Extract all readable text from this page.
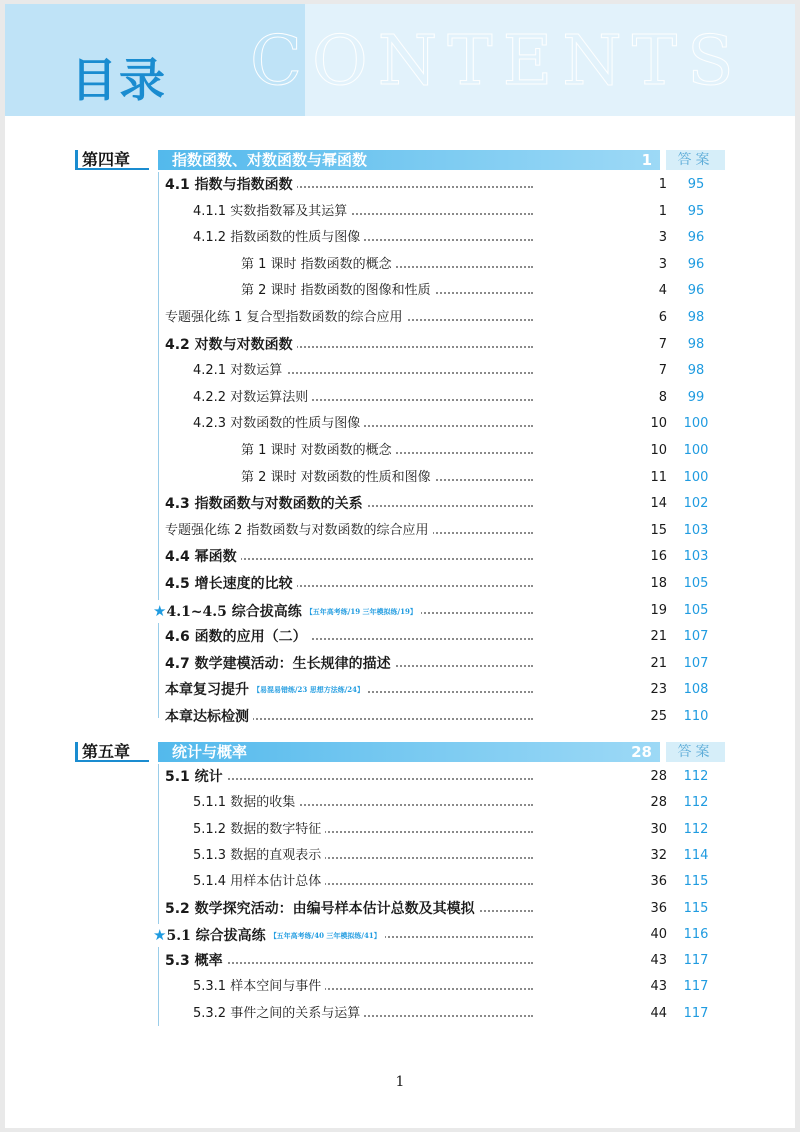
CONTENTS
目录
第四章	指数函数、对数函数与幂函数	1	答案
4.1 指数与指数函数	1	95
4.1.1 实数指数幂及其运算	1	95
4.1.2 指数函数的性质与图像	3	96
第 1 课时 指数函数的概念	3	96
第 2 课时 指数函数的图像和性质	4	96
专题强化练 1 复合型指数函数的综合应用	6	98
4.2 对数与对数函数	7	98
4.2.1 对数运算	7	98
4.2.2 对数运算法则	8	99
4.2.3 对数函数的性质与图像	10	100
第 1 课时 对数函数的概念	10	100
第 2 课时 对数函数的性质和图像	11	100
4.3 指数函数与对数函数的关系	14	102
专题强化练 2 指数函数与对数函数的综合应用	15	103
4.4 幂函数	16	103
4.5 增长速度的比较	18	105
★4.1~4.5 综合拔高练 【五年高考练/19 三年模拟练/19】	19	105
4.6 函数的应用（二）	21	107
4.7 数学建模活动：生长规律的描述	21	107
本章复习提升 【易混易错练/23 思想方法练/24】	23	108
本章达标检测	25	110
第五章	统计与概率	28	答案
5.1 统计	28	112
5.1.1 数据的收集	28	112
5.1.2 数据的数字特征	30	112
5.1.3 数据的直观表示	32	114
5.1.4 用样本估计总体	36	115
5.2 数学探究活动：由编号样本估计总数及其模拟	36	115
★5.1 综合拔高练 【五年高考练/40 三年模拟练/41】	40	116
5.3 概率	43	117
5.3.1 样本空间与事件	43	117
5.3.2 事件之间的关系与运算	44	117
1
